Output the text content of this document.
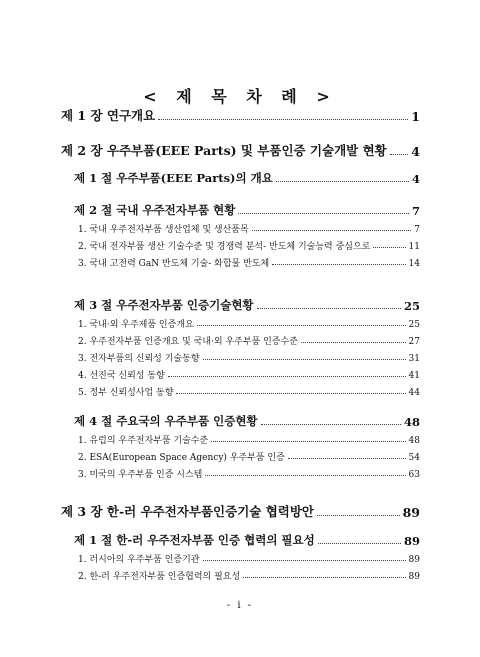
< 제 목 차 례 >
제 1 장 연구개요	1
제 2 장 우주부품(EEE Parts) 및 부품인증 기술개발 현황 4
제 1 절 우주부품(EEE Parts)의 개요	4
제 2 절 국내 우주전자부품 현황	7
1. 국내 우주전자부품 생산업체 및 생산품목	7
2. 국내 전자부품 생산 기술수준 및 경쟁력 분석- 반도체 기술능력 중심으로	11
3. 국내 고전력 GaN 반도체 기술- 화합물 반도체	14
제 3 절 우주전자부품 인증기술현황	25
1. 국내·외 우주제품 인증개요	25
2. 우주전자부품 인증개요 및 국내·외 우주부품 인증수준	27
3. 전자부품의 신뢰성 기술동향	31
4. 선진국 신뢰성 동향	41
5. 정부 신뢰성사업 동향	44
제 4 절 주요국의 우주부품 인증현황	48
1. 유럽의 우주전자부품 기술수준	48
2. ESA(European Space Agency) 우주부품 인증	54
3. 미국의 우주부품 인증 시스템	63
제 3 장 한-러 우주전자부품인증기술 협력방안	89
제 1 절 한-러 우주전자부품 인증 협력의 필요성	89
1. 러시아의 우주부품 인증기관	89
2. 한-러 우주전자부품 인증협력의 필요성	89
- i -
